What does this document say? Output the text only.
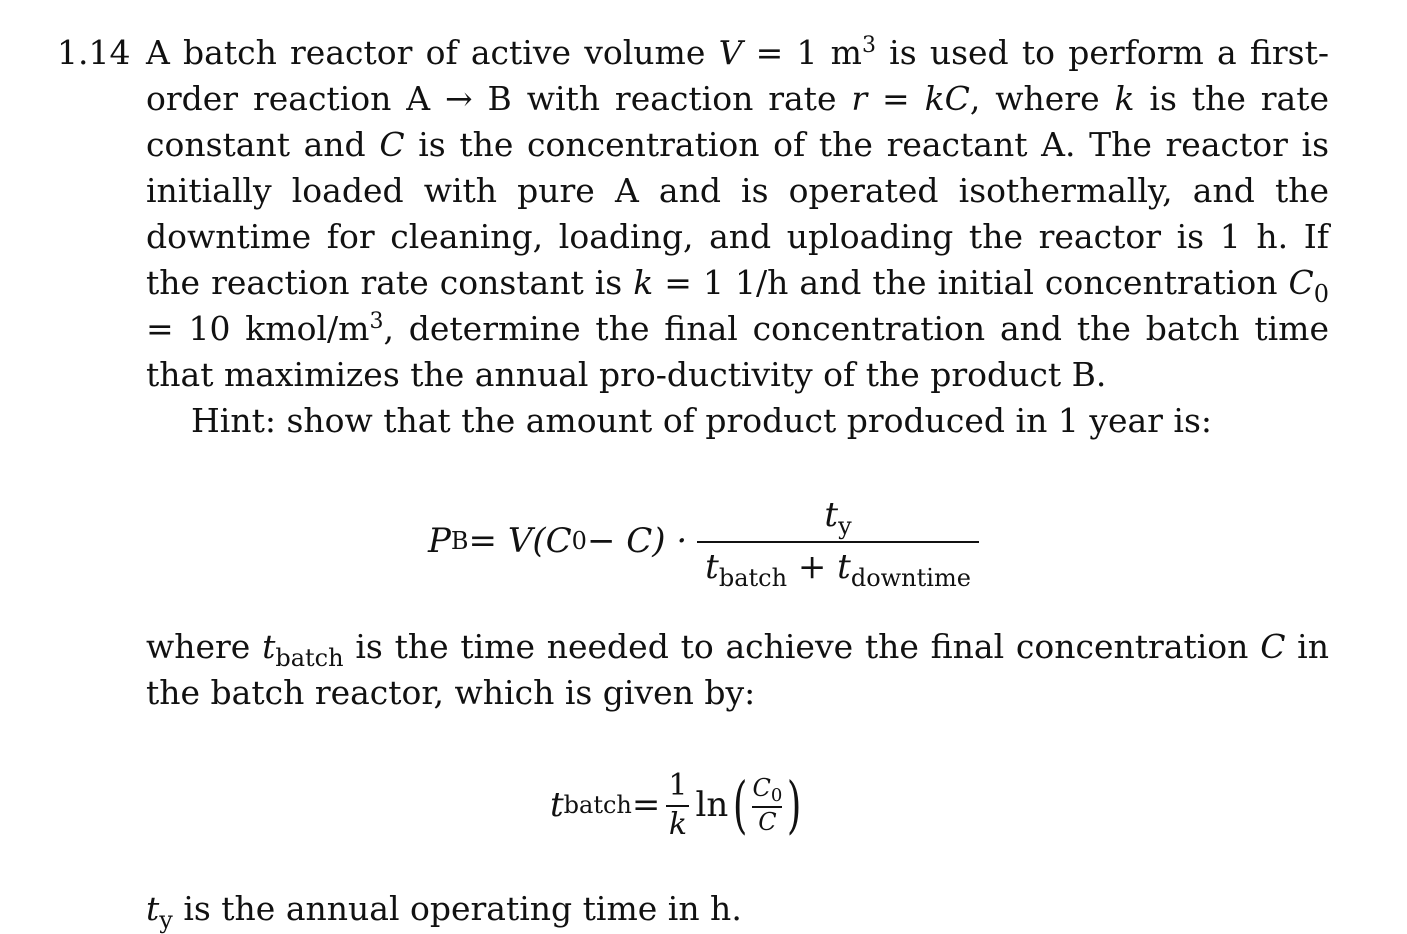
1.14 A batch reactor of active volume V = 1 $m^3$ is used to perform a first-order reaction A → B with reaction rate r = kC, where k is the rate constant and C is the concentration of the reactant A. The reactor is initially loaded with pure A and is operated isothermally, and the downtime for cleaning, loading, and uploading the reactor is 1 h. If the reaction rate constant is k = 1 1/h and the initial concentration $C_0 = 10$ kmol/$m^3$, determine the final concentration and the batch time that maximizes the annual pro-ductivity of the product B.
Hint: show that the amount of product produced in 1 year is:
P B = V(C $0 - C) \cdot \frac{t_y}{t_{batch} + t_{downtime}}$
where $t_{batch}$ is the time needed to achieve the final concentration C in the batch reactor, which is given by:
t batch = 1
k ln ( $C_0$
C )
$t_y$ is the annual operating time in h.
